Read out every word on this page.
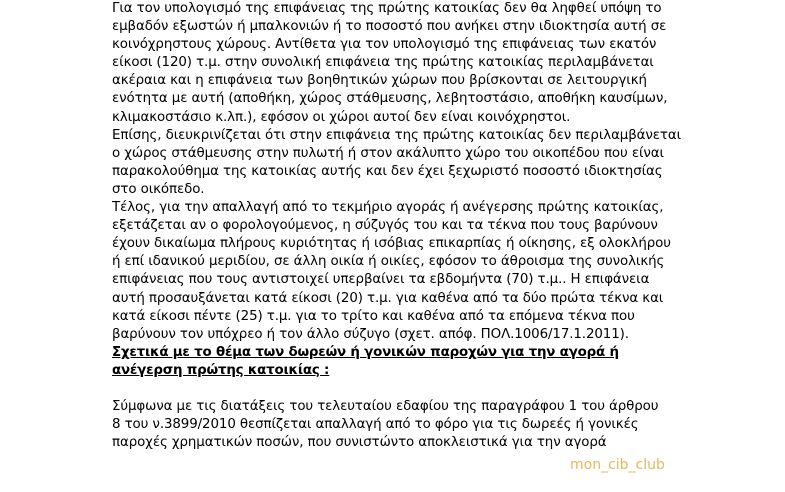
Για τον υπολογισμό της επιφάνειας της πρώτης κατοικίας δεν θα ληφθεί υπόψη το
εμβαδόν εξωστών ή μπαλκονιών ή το ποσοστό που ανήκει στην ιδιοκτησία αυτή σε
κοινόχρηστους χώρους. Αντίθετα για τον υπολογισμό της επιφάνειας των εκατόν
είκοσι (120) τ.μ. στην συνολική επιφάνεια της πρώτης κατοικίας περιλαμβάνεται
ακέραια και η επιφάνεια των βοηθητικών χώρων που βρίσκονται σε λειτουργική
ενότητα με αυτή (αποθήκη, χώρος στάθμευσης, λεβητοστάσιο, αποθήκη καυσίμων,
κλιμακοστάσιο κ.λπ.), εφόσον οι χώροι αυτοί δεν είναι κοινόχρηστοι.
Επίσης, διευκρινίζεται ότι στην επιφάνεια της πρώτης κατοικίας δεν περιλαμβάνεται
ο χώρος στάθμευσης στην πυλωτή ή στον ακάλυπτο χώρο του οικοπέδου που είναι
παρακολούθημα της κατοικίας αυτής και δεν έχει ξεχωριστό ποσοστό ιδιοκτησίας
στο οικόπεδο.
Τέλος, για την απαλλαγή από το τεκμήριο αγοράς ή ανέγερσης πρώτης κατοικίας,
εξετάζεται αν ο φορολογούμενος, η σύζυγός του και τα τέκνα που τους βαρύνουν
έχουν δικαίωμα πλήρους κυριότητας ή ισόβιας επικαρπίας ή οίκησης, εξ ολοκλήρου
ή επί ιδανικού μεριδίου, σε άλλη οικία ή οικίες, εφόσον το άθροισμα της συνολικής
επιφάνειας που τους αντιστοιχεί υπερβαίνει τα εβδομήντα (70) τ.μ.. Η επιφάνεια
αυτή προσαυξάνεται κατά είκοσι (20) τ.μ. για καθένα από τα δύο πρώτα τέκνα και
κατά είκοσι πέντε (25) τ.μ. για το τρίτο και καθένα από τα επόμενα τέκνα που
βαρύνουν τον υπόχρεο ή τον άλλο σύζυγο (σχετ. απόφ. ΠΟΛ.1006/17.1.2011).
Σχετικά με το θέμα των δωρεών ή γονικών παροχών για την αγορά ή
ανέγερση πρώτης κατοικίας :
Σύμφωνα με τις διατάξεις του τελευταίου εδαφίου της παραγράφου 1 του άρθρου
8 του ν.3899/2010 θεσπίζεται απαλλαγή από το φόρο για τις δωρεές ή γονικές
παροχές χρηματικών ποσών, που συνιστώντο αποκλειστικά για την αγορά
mon_cib_club
